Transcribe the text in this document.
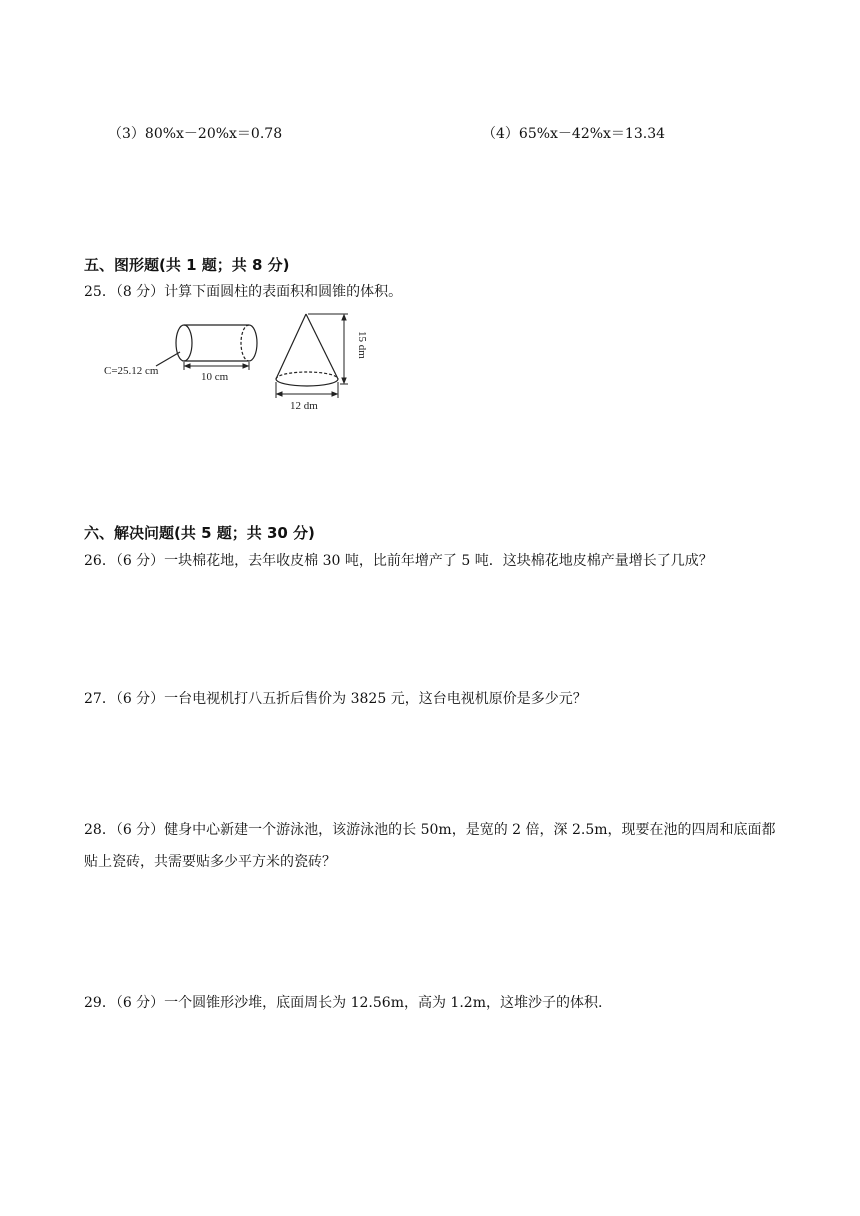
（3）80%x－20%x＝0.78	（4）65%x－42%x＝13.34
五、图形题(共 1 题；共 8 分)
25．（8 分）计算下面圆柱的表面积和圆锥的体积。
C=25.12 cm	10 cm
15 dm
12 dm
六、解决问题(共 5 题；共 30 分)
26．（6 分）一块棉花地，去年收皮棉 30 吨，比前年增产了 5 吨．这块棉花地皮棉产量增长了几成？
27．（6 分）一台电视机打八五折后售价为 3825 元，这台电视机原价是多少元？
28．（6 分）健身中心新建一个游泳池，该游泳池的长 50m，是宽的 2 倍，深 2.5m，现要在池的四周和底面都贴上瓷砖，共需要贴多少平方米的瓷砖？
29．（6 分）一个圆锥形沙堆，底面周长为 12.56m，高为 1.2m，这堆沙子的体积.
